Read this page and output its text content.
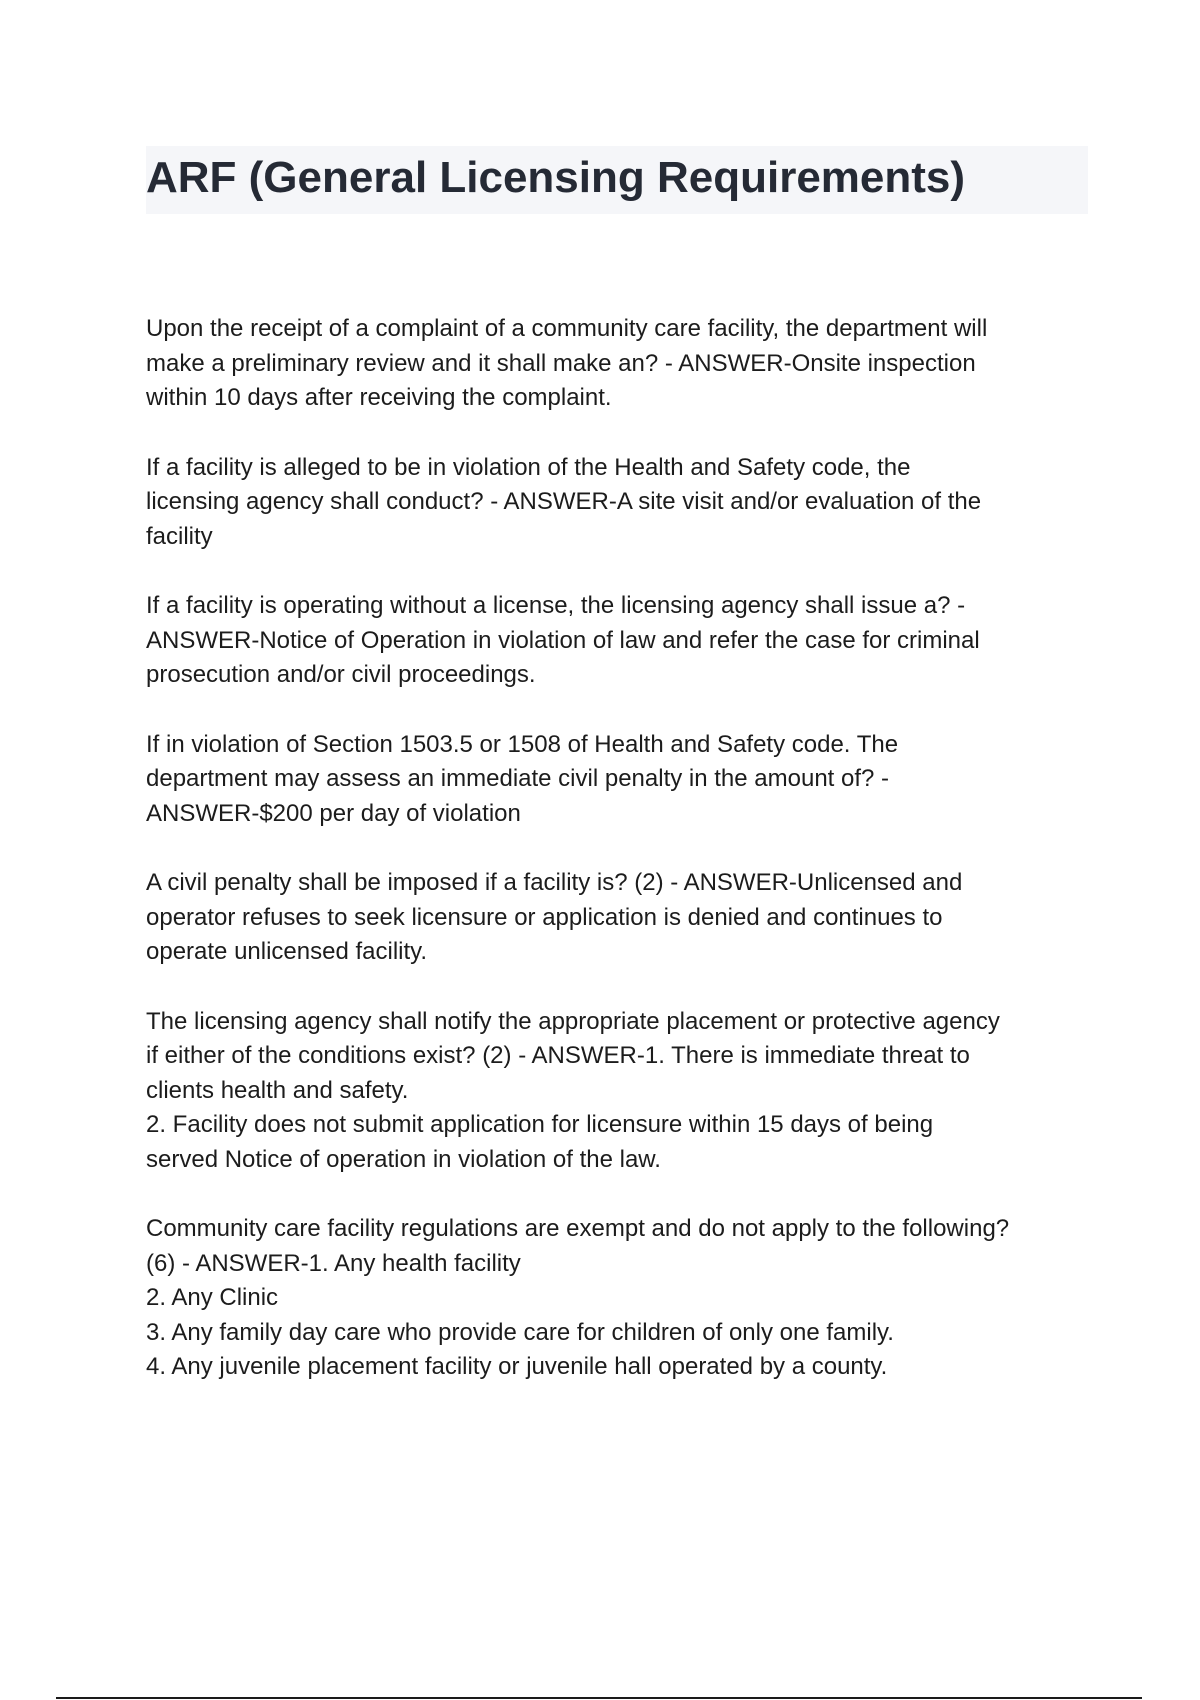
ARF (General Licensing Requirements)

Upon the receipt of a complaint of a community care facility, the department will
make a preliminary review and it shall make an? - ANSWER-Onsite inspection
within 10 days after receiving the complaint.

If a facility is alleged to be in violation of the Health and Safety code, the
licensing agency shall conduct? - ANSWER-A site visit and/or evaluation of the
facility

If a facility is operating without a license, the licensing agency shall issue a? -
ANSWER-Notice of Operation in violation of law and refer the case for criminal
prosecution and/or civil proceedings.

If in violation of Section 1503.5 or 1508 of Health and Safety code. The
department may assess an immediate civil penalty in the amount of? -
ANSWER-$200 per day of violation

A civil penalty shall be imposed if a facility is? (2) - ANSWER-Unlicensed and
operator refuses to seek licensure or application is denied and continues to
operate unlicensed facility.

The licensing agency shall notify the appropriate placement or protective agency
if either of the conditions exist? (2) - ANSWER-1. There is immediate threat to
clients health and safety.
2. Facility does not submit application for licensure within 15 days of being
served Notice of operation in violation of the law.

Community care facility regulations are exempt and do not apply to the following?
(6) - ANSWER-1. Any health facility
2. Any Clinic
3. Any family day care who provide care for children of only one family.
4. Any juvenile placement facility or juvenile hall operated by a county.
